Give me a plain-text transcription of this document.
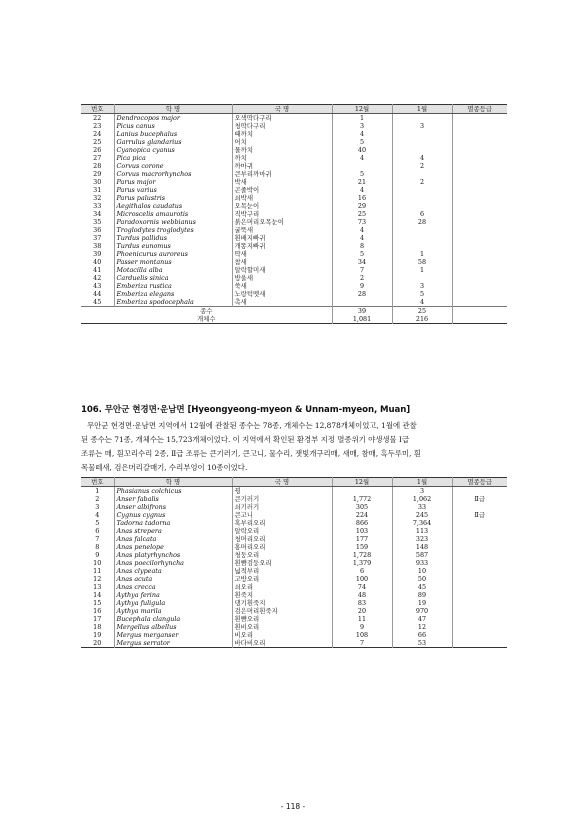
번호	학 명	국 명	12월	1월	멸종등급
22	Dendrocopos major	오색딱다구리	1		
23	Picus canus	청딱다구리	3	3	
24	Lanius bucephalus	때까치	4		
25	Garrulus glandarius	어치	5		
26	Cyanopica cyanus	물까치	40		
27	Pica pica	까치	4	4	
28	Corvus corone	까마귀		2	
29	Corvus macrorhynchos	큰부리까마귀	5		
30	Parus major	박새	21	2	
31	Parus varius	곤줄박이	4		
32	Parus palustris	쇠박새	16		
33	Aegithalos caudatus	오목눈이	29		
34	Microscelis amaurotis	직박구리	25	6	
35	Paradoxornis webbianus	붉은머리오목눈이	73	28	
36	Troglodytes troglodytes	굴뚝새	4		
37	Turdus pallidus	흰배지빠귀	4		
38	Turdus eunomus	개똥지빠귀	8		
39	Phoenicurus auroreus	딱새	5	1	
40	Passer montanus	참새	34	58	
41	Motacilla alba	알락할미새	7	1	
42	Carduelis sinica	방울새	2		
43	Emberiza rustica	쑥새	9	3	
44	Emberiza elegans	노랑턱멧새	28	5	
45	Emberiza spodocephala	촉새		4	
종수			39	25	
개체수			1,081	216	
106. 무안군 현경면·운남면 [Hyeongyeong-myeon & Unnam-myeon, Muan]
무안군 현경면·운남면 지역에서 12월에 관찰된 종수는 78종, 개체수는 12,878개체이었고, 1월에 관찰
된 종수는 71종, 개체수는 15,723개체이었다. 이 지역에서 확인된 환경부 지정 멸종위기 야생생물 Ⅰ급
조류는 매, 흰꼬리수리 2종, Ⅱ급 조류는 큰기러기, 큰고니, 물수리, 잿빛개구리매, 새매, 참매, 흑두루미, 흰
목물떼새, 검은머리갈매기, 수리부엉이 10종이었다.
번호	학 명	국 명	12월	1월	멸종등급
1	Phasianus colchicus	꿩		3	
2	Anser fabalis	큰기러기	1,772	1,062	Ⅱ급
3	Anser albifrons	쇠기러기	305	33	
4	Cygnus cygnus	큰고니	224	245	Ⅱ급
5	Tadorna tadorna	혹부리오리	866	7,364	
6	Anas strepera	알락오리	103	113	
7	Anas falcata	청머리오리	177	323	
8	Anas penelope	홍머리오리	159	148	
9	Anas platyrhynchos	청둥오리	1,728	587	
10	Anas poecilorhyncha	흰뺨검둥오리	1,379	933	
11	Anas clypeata	넓적부리	6	10	
12	Anas acuta	고방오리	100	50	
13	Anas crecca	쇠오리	74	45	
14	Aythya ferina	흰죽지	48	89	
15	Aythya fuligula	댕기흰죽지	83	19	
16	Aythya marila	검은머리흰죽지	20	970	
17	Bucephala clangula	흰뺨오리	11	47	
18	Mergellus albellus	흰비오리	9	12	
19	Mergus merganser	비오리	108	66	
20	Mergus serrator	바다비오리	7	53	
- 118 -
